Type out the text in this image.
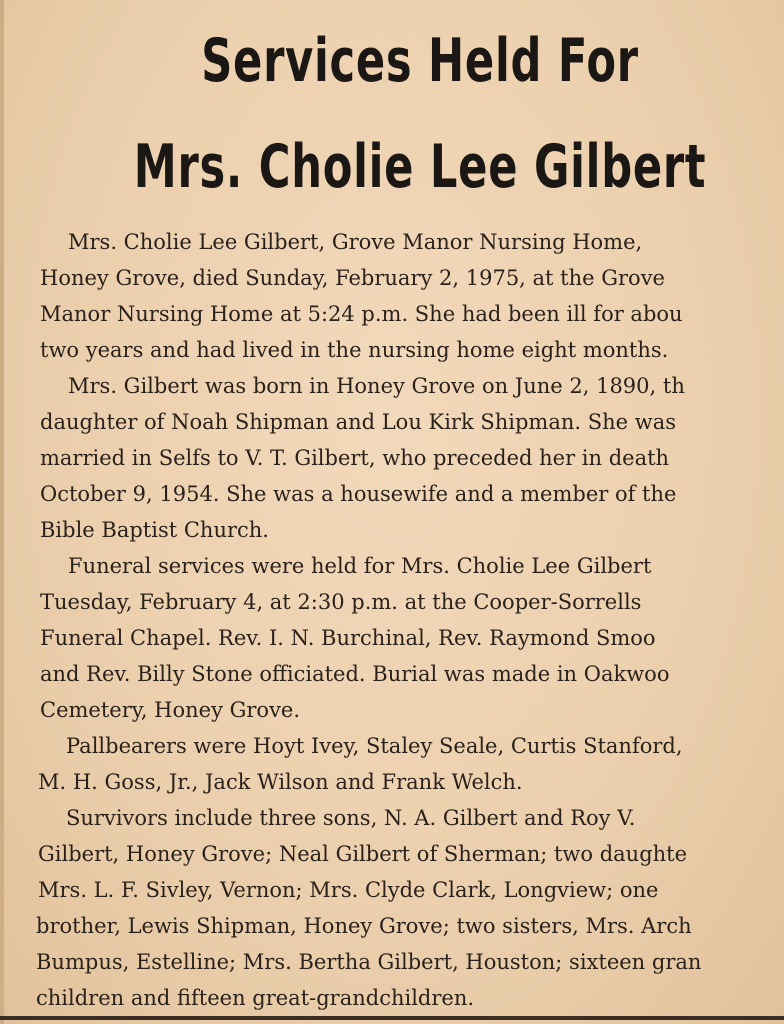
Services Held For
Mrs. Cholie Lee Gilbert
Mrs. Cholie Lee Gilbert, Grove Manor Nursing Home,
Honey Grove, died Sunday, February 2, 1975, at the Grove
Manor Nursing Home at 5:24 p.m. She had been ill for abou
two years and had lived in the nursing home eight months.
Mrs. Gilbert was born in Honey Grove on June 2, 1890, th
daughter of Noah Shipman and Lou Kirk Shipman. She was
married in Selfs to V. T. Gilbert, who preceded her in death
October 9, 1954. She was a housewife and a member of the
Bible Baptist Church.
Funeral services were held for Mrs. Cholie Lee Gilbert
Tuesday, February 4, at 2:30 p.m. at the Cooper-Sorrells
Funeral Chapel. Rev. I. N. Burchinal, Rev. Raymond Smoo
and Rev. Billy Stone officiated. Burial was made in Oakwoo
Cemetery, Honey Grove.
Pallbearers were Hoyt Ivey, Staley Seale, Curtis Stanford,
M. H. Goss, Jr., Jack Wilson and Frank Welch.
Survivors include three sons, N. A. Gilbert and Roy V.
Gilbert, Honey Grove; Neal Gilbert of Sherman; two daughte
Mrs. L. F. Sivley, Vernon; Mrs. Clyde Clark, Longview; one
brother, Lewis Shipman, Honey Grove; two sisters, Mrs. Arch
Bumpus, Estelline; Mrs. Bertha Gilbert, Houston; sixteen gran
children and fifteen great-grandchildren.
